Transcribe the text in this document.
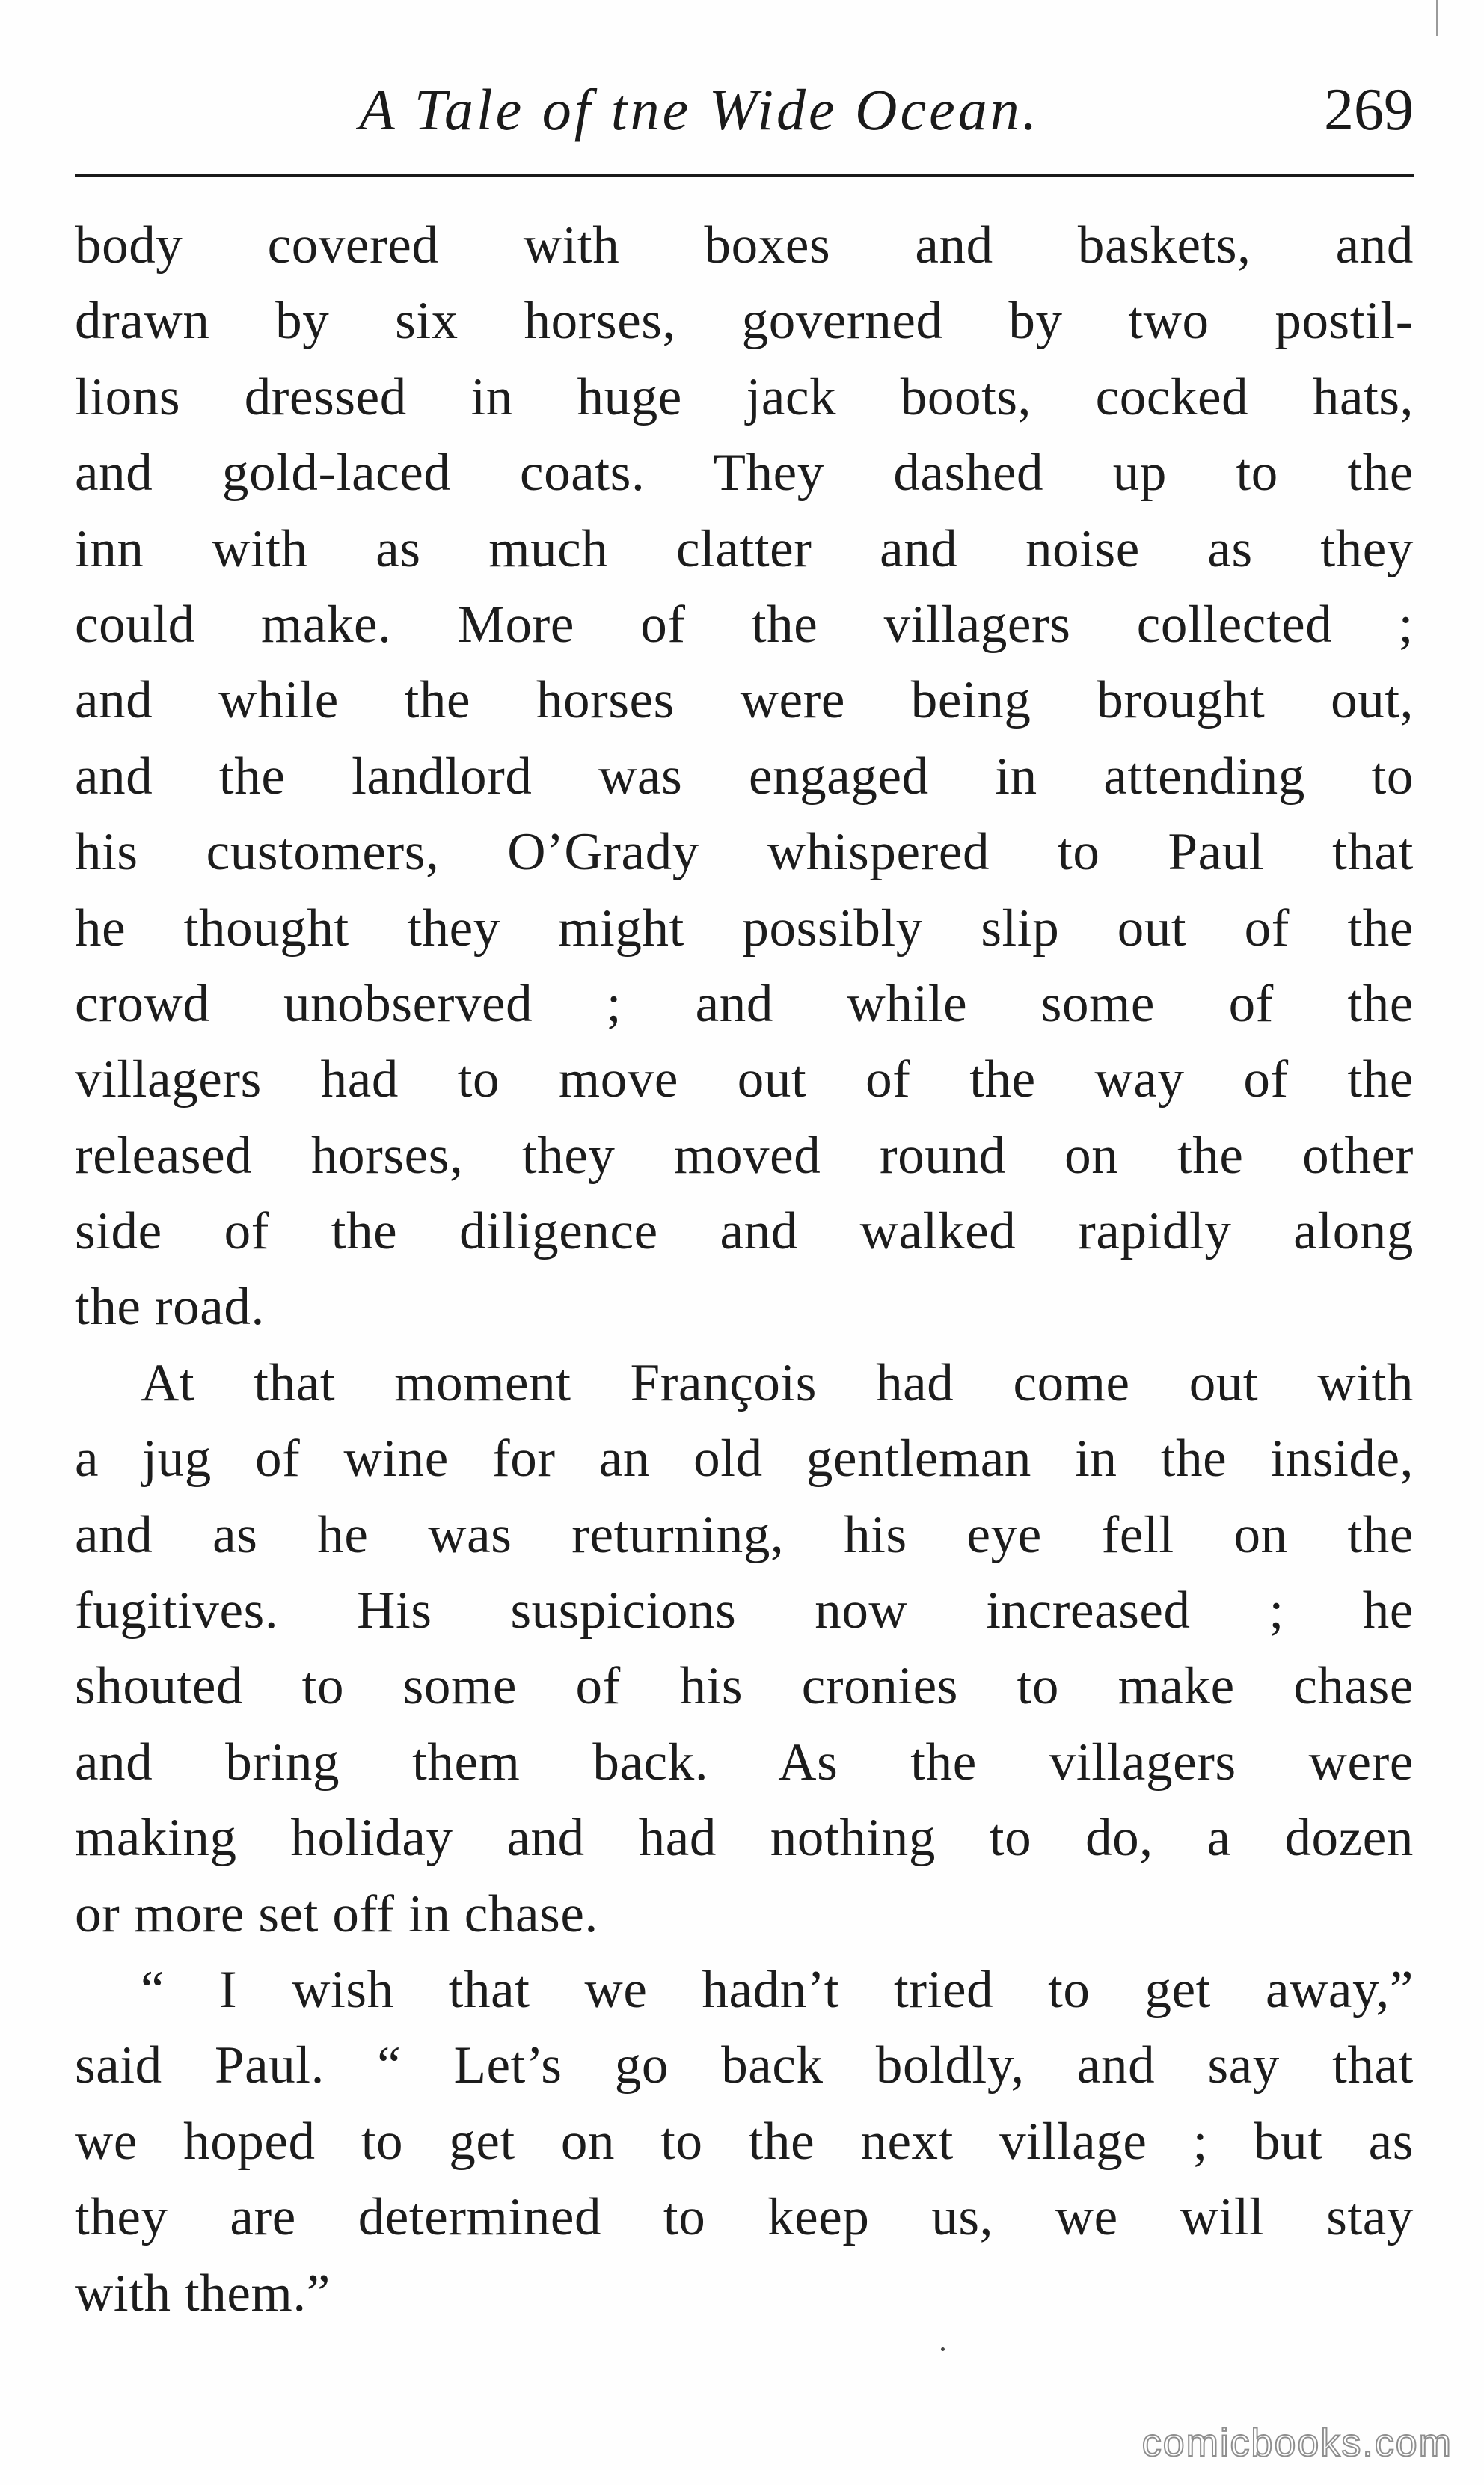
A Tale of tne Wide Ocean.	269
body covered with boxes and baskets, and
drawn by six horses, governed by two postil-
lions dressed in huge jack boots, cocked hats,
and gold-laced coats. They dashed up to the
inn with as much clatter and noise as they
could make. More of the villagers collected ;
and while the horses were being brought out,
and the landlord was engaged in attending to
his customers, O’Grady whispered to Paul that
he thought they might possibly slip out of the
crowd unobserved ; and while some of the
villagers had to move out of the way of the
released horses, they moved round on the other
side of the diligence and walked rapidly along
the road.
At that moment François had come out with
a jug of wine for an old gentleman in the inside,
and as he was returning, his eye fell on the
fugitives. His suspicions now increased ; he
shouted to some of his cronies to make chase
and bring them back. As the villagers were
making holiday and had nothing to do, a dozen
or more set off in chase.
“ I wish that we hadn’t tried to get away,”
said Paul. “ Let’s go back boldly, and say that
we hoped to get on to the next village ; but as
they are determined to keep us, we will stay
with them.”
comicbooks.com
